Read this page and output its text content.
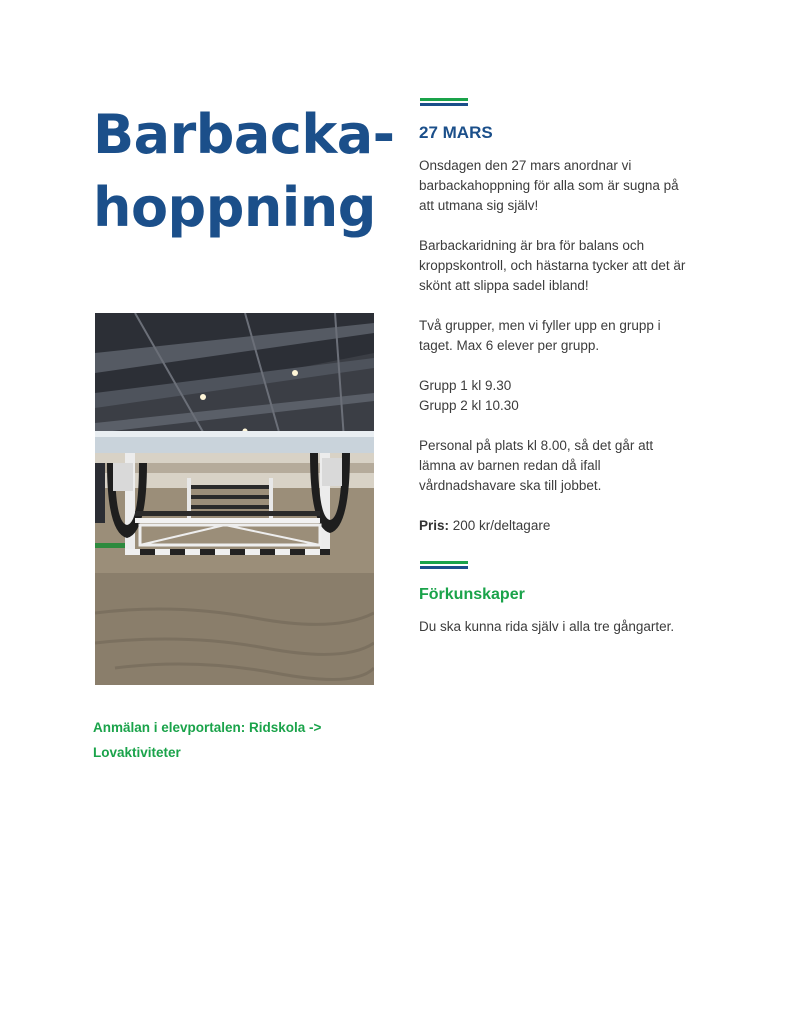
Barbacka-
hoppning
Anmälan i elevportalen: Ridskola ->
Lovaktiviteter
27 MARS

Onsdagen den 27 mars anordnar vi
barbackahoppning för alla som är sugna på
att utmana sig själv!

Barbackaridning är bra för balans och
kroppskontroll, och hästarna tycker att det är
skönt att slippa sadel ibland!

Två grupper, men vi fyller upp en grupp i
taget. Max 6 elever per grupp.

Grupp 1 kl 9.30
Grupp 2 kl 10.30

Personal på plats kl 8.00, så det går att
lämna av barnen redan då ifall
vårdnadshavare ska till jobbet.

Pris: 200 kr/deltagare

Förkunskaper
Du ska kunna rida själv i alla tre gångarter.
